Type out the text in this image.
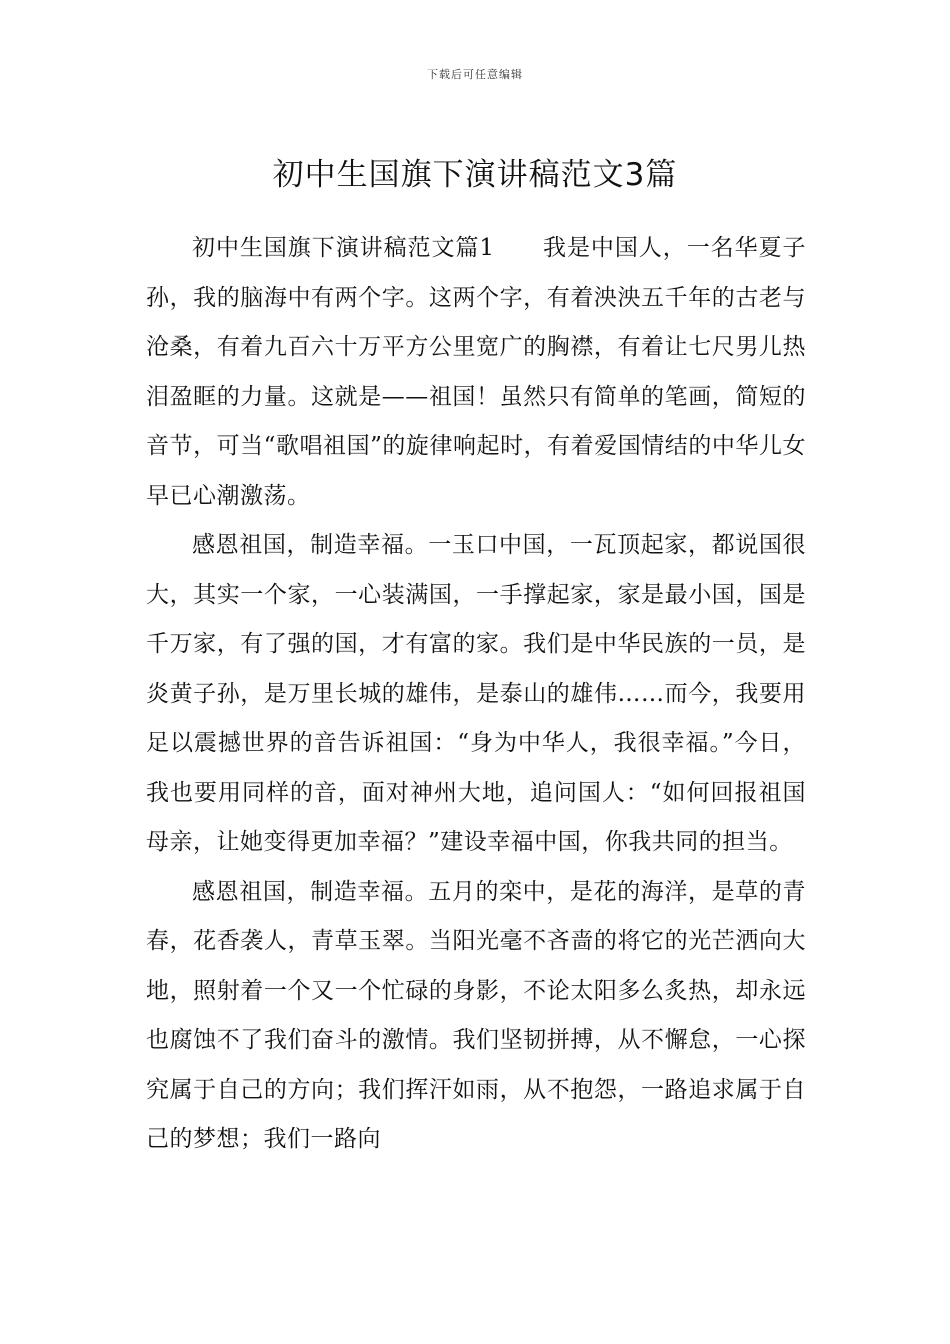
下载后可任意编辑
初中生国旗下演讲稿范文3篇

初中生国旗下演讲稿范文篇1 我是中国人，一名华夏子孙，我的脑海中有两个字。这两个字，有着泱泱五千年的古老与沧桑，有着九百六十万平方公里宽广的胸襟，有着让七尺男儿热泪盈眶的力量。这就是——祖国！虽然只有简单的笔画，简短的音节，可当“歌唱祖国”的旋律响起时，有着爱国情结的中华儿女早已心潮激荡。

感恩祖国，制造幸福。一玉口中国，一瓦顶起家，都说国很大，其实一个家，一心装满国，一手撑起家，家是最小国，国是千万家，有了强的国，才有富的家。我们是中华民族的一员，是炎黄子孙，是万里长城的雄伟，是泰山的雄伟……而今，我要用足以震撼世界的音告诉祖国：“身为中华人，我很幸福。”今日，我也要用同样的音，面对神州大地，追问国人：“如何回报祖国母亲，让她变得更加幸福？”建设幸福中国，你我共同的担当。

感恩祖国，制造幸福。五月的栾中，是花的海洋，是草的青春，花香袭人，青草玉翠。当阳光毫不吝啬的将它的光芒洒向大地，照射着一个又一个忙碌的身影，不论太阳多么炙热，却永远也腐蚀不了我们奋斗的激情。我们坚韧拼搏，从不懈怠，一心探究属于自己的方向；我们挥汗如雨，从不抱怨，一路追求属于自己的梦想；我们一路向
